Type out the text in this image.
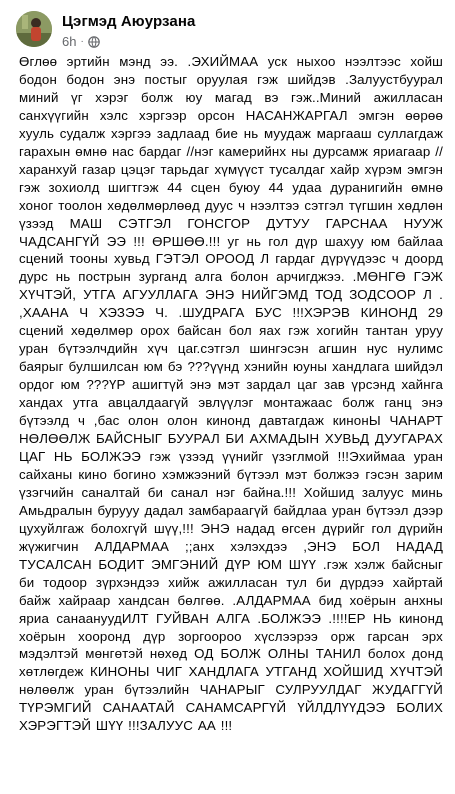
Цэгмэд Аюурзана
6h ·
Өглөө эртийн мэнд ээ. .ЭХИЙМАА уск ныхоо нээлтээс хойш бодон бодон энэ постыг оруулая гэж шийдэв .Залуустбуурал миний үг хэрэг болж юу магад вэ гэж..Миний ажилласан санхүүгийн хэлс хэргээр орсон НАСАНЖАРГАЛ эмгэн өөрөө хууль судалж хэргээ задлаад бие нь муудаж маргааш суллагдаж гарахын өмнө нас бардаг //нэг камерийнх ны дурсамж яриагаар // харанхуй газар цэцэг тарьдаг хүмүүст тусалдаг хайр хүрэм эмгэн гэж зохиолд шигтгэж 44 сцен буюу 44 удаа дуранигийн өмнө хоног тоолон хөдөлмөрлөөд дуус ч нээлтээ сэтгэл түгшин хөдлөн үзээд МАШ СЭТГЭЛ ГОНСГОР ДУТУУ ГАРСНАА НУУЖ ЧАДСАНГҮЙ ЭЭ !!! ӨРШӨӨ.!!! уг нь гол дүр шахуу юм байлаа сцений тооны хувьд ГЭТЭЛ ОРООД Л гардаг дүрүүдээс ч доорд дурс нь пострын зурганд алга болон арчигджээ. .МӨНГӨ ГЭЖ ХҮЧТЭЙ, УТГА АГУУЛЛАГА ЭНЭ НИЙГЭМД ТОД ЗОДСООР Л . ,ХААНА Ч ХЭЗЭЭ Ч. .ШУДРАГА БУС !!!ХЭРЭВ КИНОНД 29 сцений хөдөлмөр орох байсан бол яах гэж хогийн тантан уруу уран бүтээлчдийн хүч цаг.сэтгэл шингэсэн агшин нус нулимс баярыг булшилсан юм бэ ???үүнд хэнийн юуны хандлага шийдэл ордог юм ???ҮР ашигтүй энэ мэт зардал цаг зав үрсэнд хайнга хандах утга авцалдаагүй эвлүүлэг монтажаас болж ганц энэ бүтээлд ч ,бас олон олон кинонд давтагдаж кинонЫ ЧАНАРТ НӨЛӨӨЛЖ БАЙСНЫГ БУУРАЛ БИ АХМАДЫН ХУВЬД ДУУГАРАХ ЦАГ НЬ БОЛЖЭЭ гэж үзээд үүнийг үзэглмой !!!Эхиймаа уран сайханы кино богино хэмжээний бүтээл мэт болжээ гэсэн зарим үзэгчийн саналтай би санал нэг байна.!!! Хойшид залуус минь Амьдралын бурууу дадал замбараагүй байдлаа уран бүтээл дээр цухуйлгаж болохгүй шүү,!!! ЭНЭ нaдад өгсен дүрийг гол дүрийн жүжигчин АЛДАРМАА ;;анх хэлэхдээ ,ЭНЭ БОЛ НАДАД ТУСАЛСАН БОДИТ ЭМГЭНИЙ ДҮР ЮМ ШҮҮ .гэж хэлж байсныг би тодоор зүрхэндээ хийж ажилласан тул би дүрдээ хайртай байж хайраар хандсан бөлгөө. .АЛДАРМАА бид хоёрын анхны яриа санаануудИЛТ ГУЙВАН АЛГА .БОЛЖЭЭ .!!!!ЕР НЬ кинонд хоёрын хооронд дүр зоргоороо хүслээрээ орж гарсан эрх мэдэлтэй мөнгөтэй нөхөд ОД БОЛЖ ОЛНЫ ТАНИЛ болох донд хөтлөгдеж КИНОНЫ ЧИГ ХАНДЛАГА УТГАНД ХОЙШИД ХҮЧТЭЙ нөлөөлж уран бүтээлийн ЧАНАРЫГ СУЛРУУЛДАГ ЖУДАГГҮЙ ТҮРЭМГИЙ САНААТАЙ САНАМСАРГҮЙ ҮЙЛДЛҮҮДЭЭ БОЛИХ ХЭРЭГТЭЙ ШҮҮ !!!ЗАЛУУС АА !!!
